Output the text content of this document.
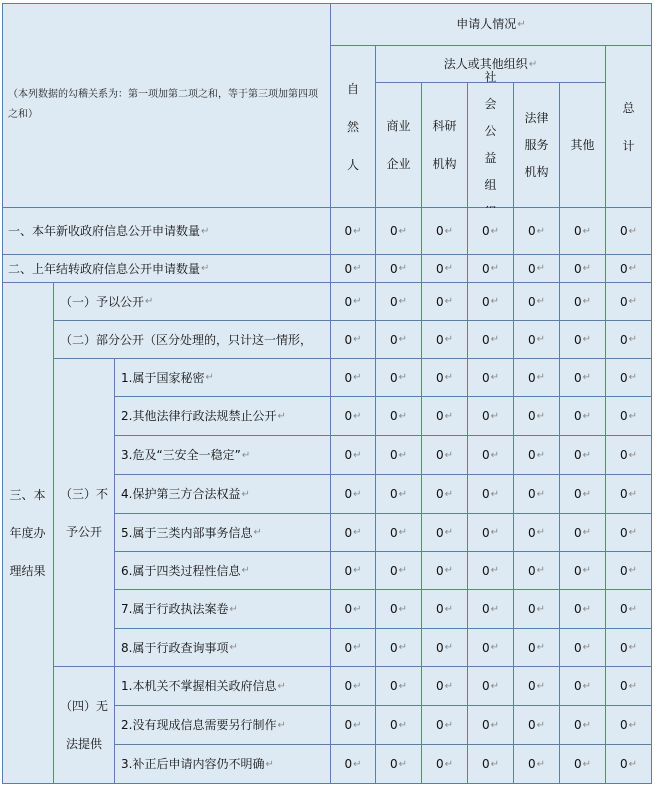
（本列数据的勾稽关系为：第一项加第二项之和，等于第三项加第四项之和）
申请人情况 ↵
自然人
法人或其他组织 ↵
总计
商业企业
科研机构
社会公益组
法律服务机构
其他
一、本年新收政府信息公开申请数量 ↵
二、上年结转政府信息公开申请数量 ↵
三、本年度办理结果
（一）予以公开 ↵
（二）部分公开（区分处理的，只计这一情形，
（三）不予公开
1.属于国家秘密 ↵
2.其他法律行政法规禁止公开 ↵
3.危及“三安全一稳定” ↵
4.保护第三方合法权益 ↵
5.属于三类内部事务信息 ↵
6.属于四类过程性信息 ↵
7.属于行政执法案卷 ↵
8.属于行政查询事项 ↵
（四）无法提供
1.本机关不掌握相关政府信息 ↵
2.没有现成信息需要另行制作 ↵
3.补正后申请内容仍不明确 ↵
0 ↵ 0 ↵ 0 ↵ 0 ↵ 0 ↵ 0 ↵ 0 ↵
0 ↵ 0 ↵ 0 ↵ 0 ↵ 0 ↵ 0 ↵ 0 ↵
0 ↵ 0 ↵ 0 ↵ 0 ↵ 0 ↵ 0 ↵ 0 ↵
0 ↵ 0 ↵ 0 ↵ 0 ↵ 0 ↵ 0 ↵ 0 ↵
0 ↵ 0 ↵ 0 ↵ 0 ↵ 0 ↵ 0 ↵ 0 ↵
0 ↵ 0 ↵ 0 ↵ 0 ↵ 0 ↵ 0 ↵ 0 ↵
0 ↵ 0 ↵ 0 ↵ 0 ↵ 0 ↵ 0 ↵ 0 ↵
0 ↵ 0 ↵ 0 ↵ 0 ↵ 0 ↵ 0 ↵ 0 ↵
0 ↵ 0 ↵ 0 ↵ 0 ↵ 0 ↵ 0 ↵ 0 ↵
0 ↵ 0 ↵ 0 ↵ 0 ↵ 0 ↵ 0 ↵ 0 ↵
0 ↵ 0 ↵ 0 ↵ 0 ↵ 0 ↵ 0 ↵ 0 ↵
0 ↵ 0 ↵ 0 ↵ 0 ↵ 0 ↵ 0 ↵ 0 ↵
0 ↵ 0 ↵ 0 ↵ 0 ↵ 0 ↵ 0 ↵ 0 ↵
0 ↵ 0 ↵ 0 ↵ 0 ↵ 0 ↵ 0 ↵ 0 ↵
0 ↵ 0 ↵ 0 ↵ 0 ↵ 0 ↵ 0 ↵ 0 ↵
